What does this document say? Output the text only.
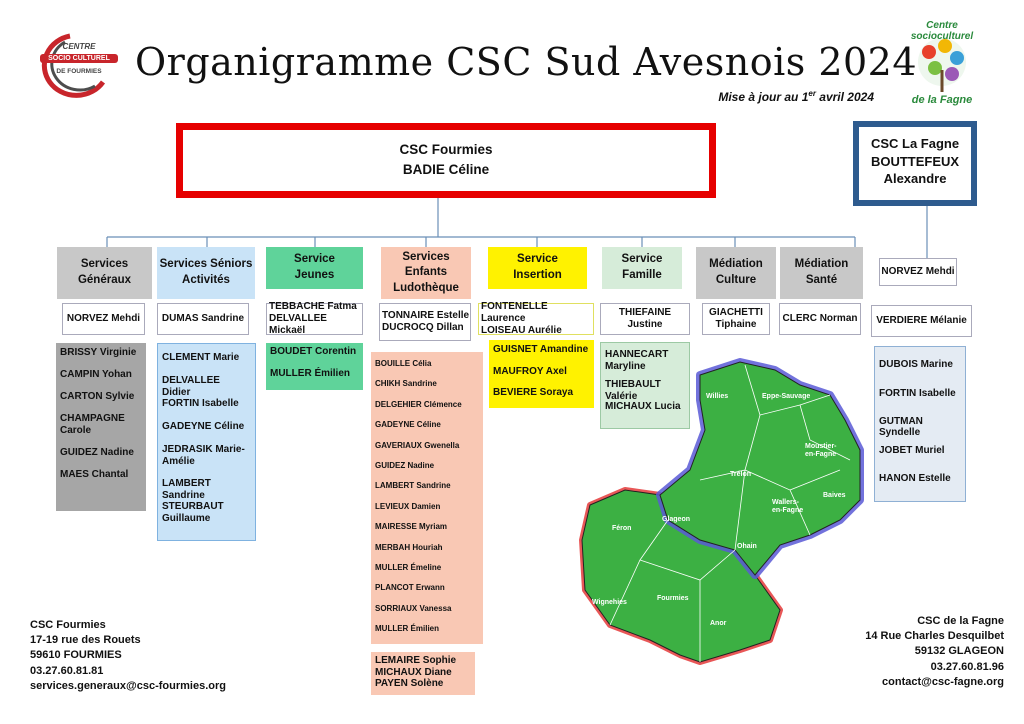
CENTRE
SOCIO CULTUREL
DE FOURMIES Organigramme CSC Sud Avesnois 2024
Mise à jour au 1er avril 2024
Centre socioculturel
de la Fagne
CSC Fourmies
BADIE Céline
CSC La Fagne
BOUTTEFEUX
Alexandre
Services
Généraux
Services Séniors
Activités
Service
Jeunes
Services
Enfants
Ludothèque
Service
Insertion
Service
Famille
Médiation
Culture
Médiation
Santé
NORVEZ Mehdi	DUMAS Sandrine
TEBBACHE Fatma
DELVALLEE Mickaël
TONNAIRE Estelle
DUCROCQ Dillan
FONTENELLE Laurence
LOISEAU Aurélie
THIEFAINE Justine
GIACHETTI
Tiphaine
CLERC Norman
BRISSY Virginie
CAMPIN Yohan
CARTON Sylvie
CHAMPAGNE
Carole
GUIDEZ Nadine
MAES Chantal
CLEMENT Marie
DELVALLEE Didier
FORTIN Isabelle
GADEYNE Céline
JEDRASIK Marie-
Amélie
LAMBERT Sandrine
STEURBAUT
Guillaume
BOUDET Corentin
MULLER Émilien
BOUILLE Célia
CHIKH Sandrine
DELGEHIER Clémence
GADEYNE Céline
GAVERIAUX Gwenella
GUIDEZ Nadine
LAMBERT Sandrine
LEVIEUX Damien
MAIRESSE Myriam
MERBAH Houriah
MULLER Émeline
PLANCOT Erwann
SORRIAUX Vanessa
MULLER Émilien
LEMAIRE Sophie
MICHAUX Diane
PAYEN Solène
GUISNET Amandine
MAUFROY Axel
BEVIERE Soraya
HANNECART
Maryline
THIEBAULT Valérie
MICHAUX Lucia
NORVEZ Mehdi
VERDIERE Mélanie
DUBOIS Marine
FORTIN Isabelle
GUTMAN Syndelle
JOBET Muriel
HANON Estelle
Willies	Eppe-Sauvage
Moustier-en-Fagne
Trélon
Baives
Wallers-en-Fagne
Glageon
Ohain
Féron
Wignehies
Fourmies
Anor
CSC Fourmies
17-19 rue des Rouets
59610 FOURMIES
03.27.60.81.81
services.generaux@csc-fourmies.org
CSC de la Fagne
14 Rue Charles Desquilbet
59132 GLAGEON
03.27.60.81.96
contact@csc-fagne.org
